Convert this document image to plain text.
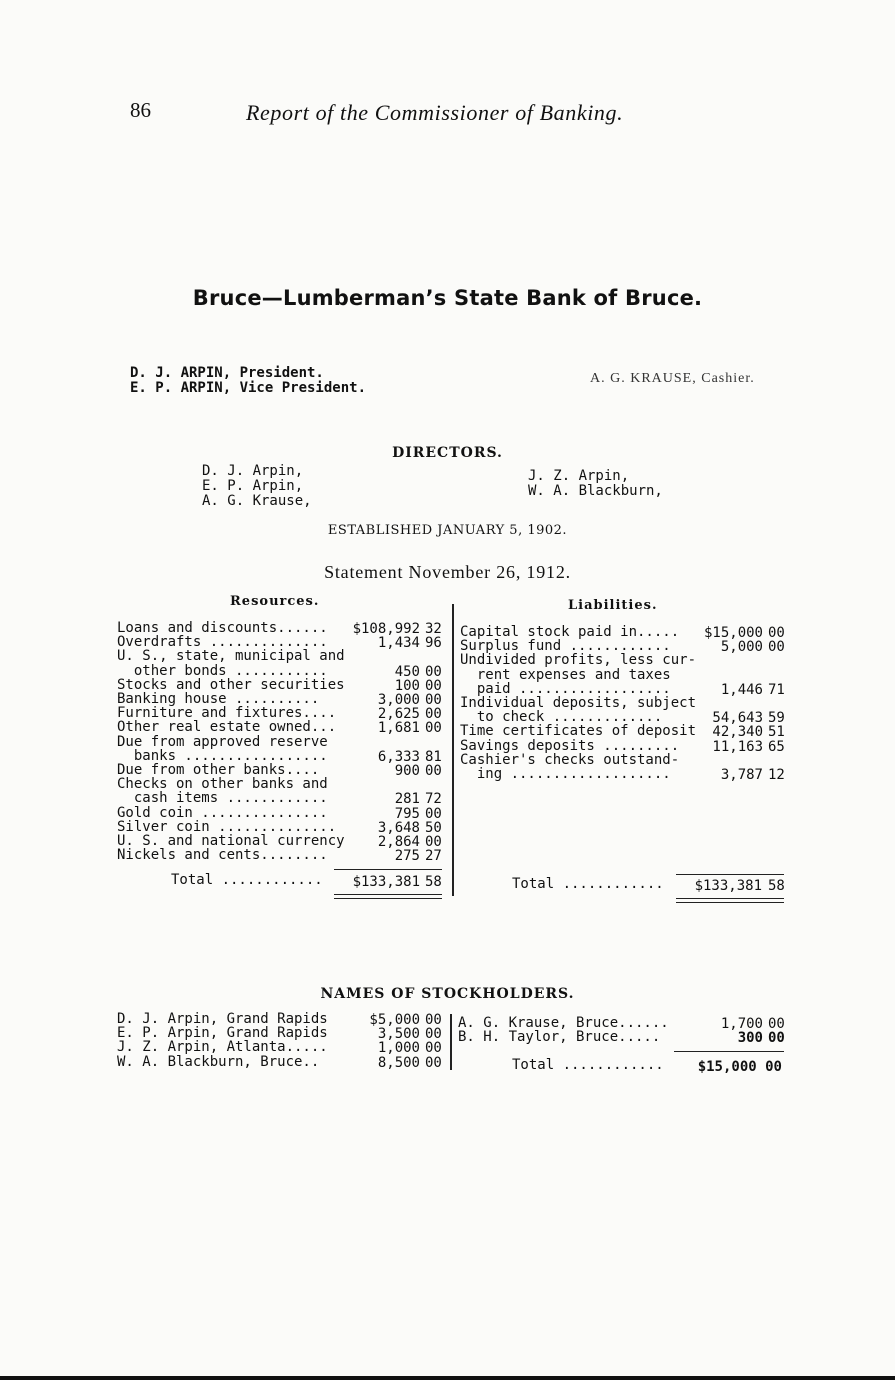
86	Report of the Commissioner of Banking.
Bruce—Lumberman’s State Bank of Bruce.
D. J. ARPIN, President.
E. P. ARPIN, Vice President.
A. G. KRAUSE, Cashier.
DIRECTORS.
D. J. Arpin,
E. P. Arpin,
A. G. Krause,
J. Z. Arpin,
W. A. Blackburn,
ESTABLISHED JANUARY 5, 1902.
Statement November 26, 1912.
Resources.	Liabilities.
Loans and discounts......	$108,992 32
Overdrafts ..............	1,434 96
U. S., state, municipal and
other bonds ...........	450 00
Stocks and other securities	100 00
Banking house ..........	3,000 00
Furniture and fixtures....	2,625 00
Other real estate owned...	1,681 00
Due from approved reserve
banks .................	6,333 81
Due from other banks....	900 00
Checks on other banks and
cash items ............	281 72
Gold coin ...............	795 00
Silver coin ..............	3,648 50
U. S. and national currency	2,864 00
Nickels and cents........	275 27
Capital stock paid in.....	$15,000 00
Surplus fund ............	5,000 00
Undivided profits, less cur-
rent expenses and taxes
paid ..................	1,446 71
Individual deposits, subject
to check .............	54,643 59
Time certificates of deposit	42,340 51
Savings deposits .........	11,163 65
Cashier's checks outstand-
ing ...................	3,787 12
Total ............	$133,381 58	Total ............	$133,381 58
NAMES OF STOCKHOLDERS.
D. J. Arpin, Grand Rapids	$5,000 00
E. P. Arpin, Grand Rapids	3,500 00
J. Z. Arpin, Atlanta.....	1,000 00
W. A. Blackburn, Bruce..	8,500 00
A. G. Krause, Bruce......	1,700 00
B. H. Taylor, Bruce.....	300 00
Total ............	$15,000 00
